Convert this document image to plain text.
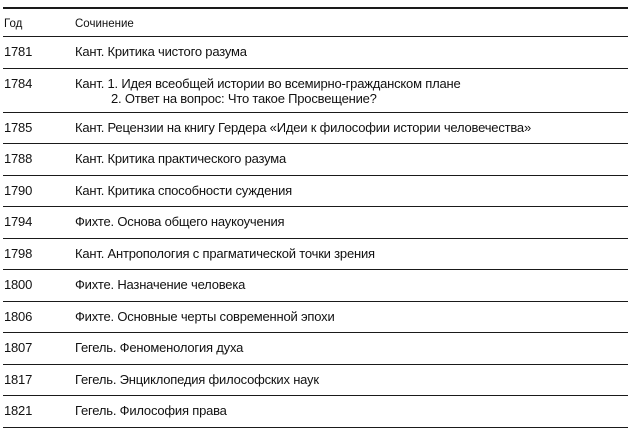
Год	Сочинение
1781	Кант. Критика чистого разума
1784	Кант. 1. Идея всеобщей истории во всемирно-гражданском плане
2. Ответ на вопрос: Что такое Просвещение?
1785	Кант. Рецензии на книгу Гердера «Идеи к философии истории человечества»
1788	Кант. Критика практического разума
1790	Кант. Критика способности суждения
1794	Фихте. Основа общего наукоучения
1798	Кант. Антропология с прагматической точки зрения
1800	Фихте. Назначение человека
1806	Фихте. Основные черты современной эпохи
1807	Гегель. Феноменология духа
1817	Гегель. Энциклопедия философских наук
1821	Гегель. Философия права
